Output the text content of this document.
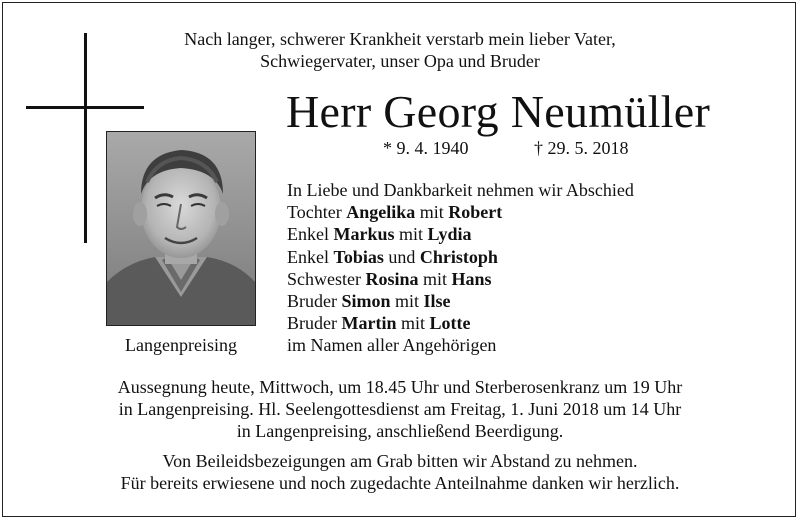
Nach langer, schwerer Krankheit verstarb mein lieber Vater,
Schwiegervater, unser Opa und Bruder
Herr Georg Neumüller
* 9. 4. 1940	† 29. 5. 2018
Langenpreising
In Liebe und Dankbarkeit nehmen wir Abschied
Tochter Angelika mit Robert
Enkel Markus mit Lydia
Enkel Tobias und Christoph
Schwester Rosina mit Hans
Bruder Simon mit Ilse
Bruder Martin mit Lotte
im Namen aller Angehörigen
Aussegnung heute, Mittwoch, um 18.45 Uhr und Sterberosenkranz um 19 Uhr
in Langenpreising. Hl. Seelengottesdienst am Freitag, 1. Juni 2018 um 14 Uhr
in Langenpreising, anschließend Beerdigung.
Von Beileidsbezeigungen am Grab bitten wir Abstand zu nehmen.
Für bereits erwiesene und noch zugedachte Anteilnahme danken wir herzlich.
